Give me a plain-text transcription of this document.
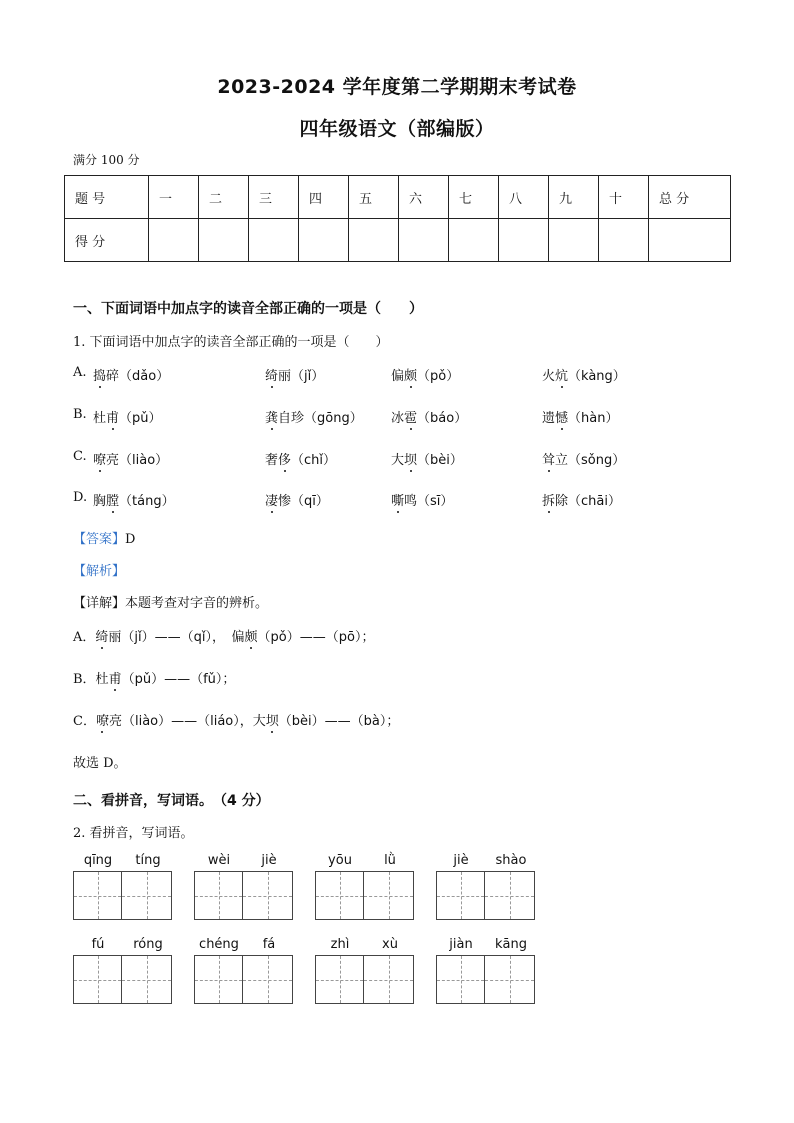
2023-2024 学年度第二学期期末考试卷
四年级语文（部编版）
满分 100 分
题 号	一	二	三	四	五	六	七	八	九	十	总 分
得 分											
一、下面词语中加点字的读音全部正确的一项是（　　）
1. 下面词语中加点字的读音全部正确的一项是（　　）
A. 捣碎（dǎo）	绮丽（jǐ）	偏颇（pǒ）	火炕（kàng）
B. 杜甫（pǔ）	龚自珍（gōng） 冰雹（báo）	遗憾（hàn）
C. 嘹亮（liào）	奢侈（chǐ）	大坝（bèi）	耸立（sǒng）
D. 胸膛（táng）	凄惨（qī）	嘶鸣（sī）	拆除（chāi）
【答案】D
【解析】
【详解】本题考查对字音的辨析。
A．绮丽（jǐ）——（qǐ），　偏颇（pǒ）——（pō）；
B．杜甫（pǔ）——（fǔ）；
C．嘹亮（liào）——（liáo），大坝（bèi）——（bà）；
故选 D。
二、看拼音，写词语。　（4 分）
2. 看拼音，写词语。
qīng	tíng	wèi	jiè	yōu	lǜ	jiè	shào
fú	róng	chéng	fá	zhì	xù	jiàn	kāng
